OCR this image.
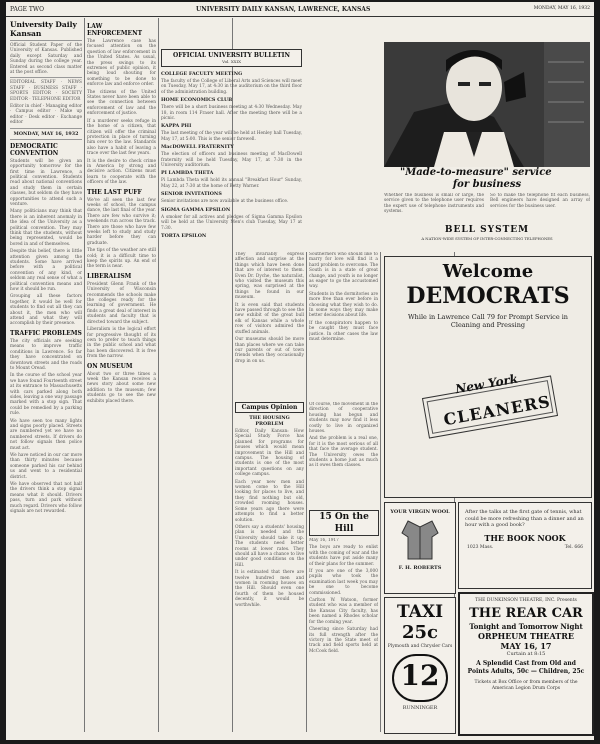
PAGE TWO	UNIVERSITY DAILY KANSAN, LAWRENCE, KANSAS	MONDAY, MAY 16, 1932
University Daily Kansan

Official Student Paper of the University of Kansas. Published daily except Saturday and Sunday during the college year. Entered as second class matter at the post office.

EDITORIAL STAFF · NEWS STAFF · BUSINESS STAFF · SPORTS EDITOR · SOCIETY EDITOR · TELEPHONE EDITOR

Editor in chief · Managing editor · Campus editor · Make up editor · Desk editor · Exchange editor

MONDAY, MAY 16, 1932
DEMOCRATIC CONVENTION

Students will be given an opportunity tomorrow for the first time in Lawrence, a political convention. Students read about national conventions and study them in certain classes, but seldom do they have opportunities to attend such a venture.

Many politicians may think that there is an inherent anomaly in the idea of the University as a political convention. They may think that the students, without being represented, would be bored in and of themselves.

Despite this belief, there is little attention given among the students. Some have arrived before with a political convention of any kind, or seldom any real sense of what a political convention means and how it should be run.

Grouping all these factors together, it would be well for students to find out all they can about it, the men who will attend and what they will accomplish by their presence.

TRAFFIC PROBLEMS

The city officials are seeking means to improve traffic conditions in Lawrence. So far they have concentrated on downtown streets and the roads to Mount Oread.

In the course of the school year we have found Fourteenth street at its entrance to Massachusetts with cars parked along both sides, leaving a one way passage marked with a stop sign. That could be remedied by a parking rule.

We have seen too many lights and signs poorly placed. Streets are numbered yet we have no numbered streets. If drivers do not follow signals then police must act.

We have noticed in our car more than thirty minutes because someone parked his car behind us and went to a residential district.

We have observed that not half the drivers think a stop signal means what it should. Drivers pass, turn and park without much regard. Drivers who follow signals are not rewarded.

LAW ENFORCEMENT

The Lawrence case has focused attention on the question of law enforcement in the United States. As usual, the press swings to its extremes of public opinion, it being loud shouting for something to be done to enforce law and enforce order.

The citizens of the United States never have been able to see the connection between enforcement of law and the enforcement of justice.

If a murderer seeks refuge in the home of a citizen, that citizen will offer the criminal protection in place of turning him over to the law. Standards also have a habit of leaving a trace over the last few years.

It is the desire to check crime in America by strong and decisive action. Citizens must learn to cooperate with the officers of the law.

THE LAST PUFF

We've all seen the last few weeks of school, the campus dance, the last final of the year. There are few who survive it; weekends run across the track. There are those who have few weeks left to study and study harder before they can graduate.

The tips of the weather are still cold; it is a difficult time to keep the spirits up. An end of the term is near.

LIBERALISM

President Glenn Frank of the University of Wisconsin recommends the schools make the colleges ready for the learning of government. He finds a great deal of interest in students and faculty that is directed toward the subject.

Liberalism is the logical effort for progressive thought of its own to prefer to teach things in the public school and what has been discovered. It is free from the narrow.

ON MUSEUM

About two or three times a week the Kansan receives a news story about some new addition to the museum; few students go to see the new exhibits placed there.

OFFICIAL UNIVERSITY BULLETIN
Vol. XXIX
COLLEGE FACULTY MEETING

The faculty of the College of Liberal Arts and Sciences will meet on Tuesday, May 17, at 4:30 in the auditorium on the third floor of the administration building.

HOME ECONOMICS CLUB

There will be a short business meeting at 4:30 Wednesday. May 18, in room 114 Fraser hall. After the meeting there will be a picnic.

KAPPA PHI

The last meeting of the year will be held at Henley hall Tuesday, May 17, at 5:00. This is the senior farewell.

MacDOWELL FRATERNITY

The election of officers and business meeting of MacDowell fraternity will be held Tuesday, May 17, at 7:30 in the University auditorium.

PI LAMBDA THETA

Pi Lambda Theta will hold its annual "Breakfast Hour" Sunday, May 22, at 7:30 at the home of Betty Warner.

SENIOR INVITATIONS

Senior invitations are now available at the business office.

SIGMA GAMMA EPSILON

A smoker for all actives and pledges of Sigma Gamma Epsilon will be held at the University Men's club Tuesday, May 17 at 7:30.

TORTA EPSILON

They invariably express affection and surprise at the things which have been done that are of interest to them. Even Dr. Dyche, the naturalist, who visited the museum this spring, was surprised at the things he found in our museum.

It is even said that students have passed through to see the new exhibit of the great bull elk of Kansas while a whole row of visitors admired the stuffed animals.

Our museums should be more than places where we can take our parents or out of town friends when they occasionally drop in on us.

Southerners who should like to marry for love will find it a hard problem to overcome. The South is in a state of great change, and youth is no longer as eager to go the accustomed way.

Students in the dormitories are more free than ever before in choosing what they wish to do. In some ways they may make better decisions about life.

If the conspirators happen to be caught they must face justice. In other cases the law must determine.

Campus Opinion
THE HOUSING PROBLEM

Editor, Daily Kansan: How Special Study Force has planned for programs for houses which would mean improvement in the Hill and campus. The housing of students is one of the most important questions on any college campus.

Each year new men and women come to the Hill looking for places to live, and they find nothing but old, crowded rooming houses. Some years ago there were attempts to find a better solution.

Others say a students' housing plan is needed and the University should take it up. The students need better rooms at lower rates. They should all have a chance to live under good conditions on the Hill.

It is estimated that there are twelve hundred men and women in rooming houses on the Hill. Should even one fourth of them be housed decently, it would be worthwhile.

Of course, the movement in the direction of cooperative housing has begun and students may now find it less costly to live in organized houses.

And the problem is a real one, for it is the most serious of all that face the average student. The University owes the students a home just as much as it owes them classes.

15 On the Hill

May 16, 1917

The boys are ready to enlist with the coming of war and the students have put aside many of their plans for the summer.

If you are one of the 3,000 pupils who took the examination last week you may be one to become commissioned.

Carlton W. Watson, former student who was a member of the Kansas City faculty, has been named a Rhodes scholar for the coming year.

Cheering since Saturday had its full strength after the victory in the State meet of track and field sports held at McCook field.

"Made-to-measure" service
for business

Whether the business is small or large, the service given to the telephone user requires the expert use of telephone instruments and systems.

So to make the telephone fit each business, Bell engineers have designed an array of services for the business user.

BELL SYSTEM
A NATION-WIDE SYSTEM OF INTER-CONNECTING TELEPHONES
Welcome
DEMOCRATS
While in Lawrence Call 79 for Prompt Service in Cleaning and Pressing
New York
CLEANERS
YOUR VIRGIN WOOL
F. H. ROBERTS
After the talks at the first gate of tennis, what could be more refreshing than a dinner and an hour with a good book?
THE BOOK NOOK
1023 Mass.	Tel. 666
TAXI
25c
Plymouth and Chrysler Cars
12
RUNNINGER
THE DUNKINSON THEATRE, INC. Presents
THE REAR CAR
Tonight and Tomorrow Night
ORPHEUM THEATRE
MAY 16, 17
Curtain at 8:15
A Splendid Cast from Old and Points Adults, 50c — Children, 25c
Tickets at Box Office or from members of the American Legion Drum Corps
